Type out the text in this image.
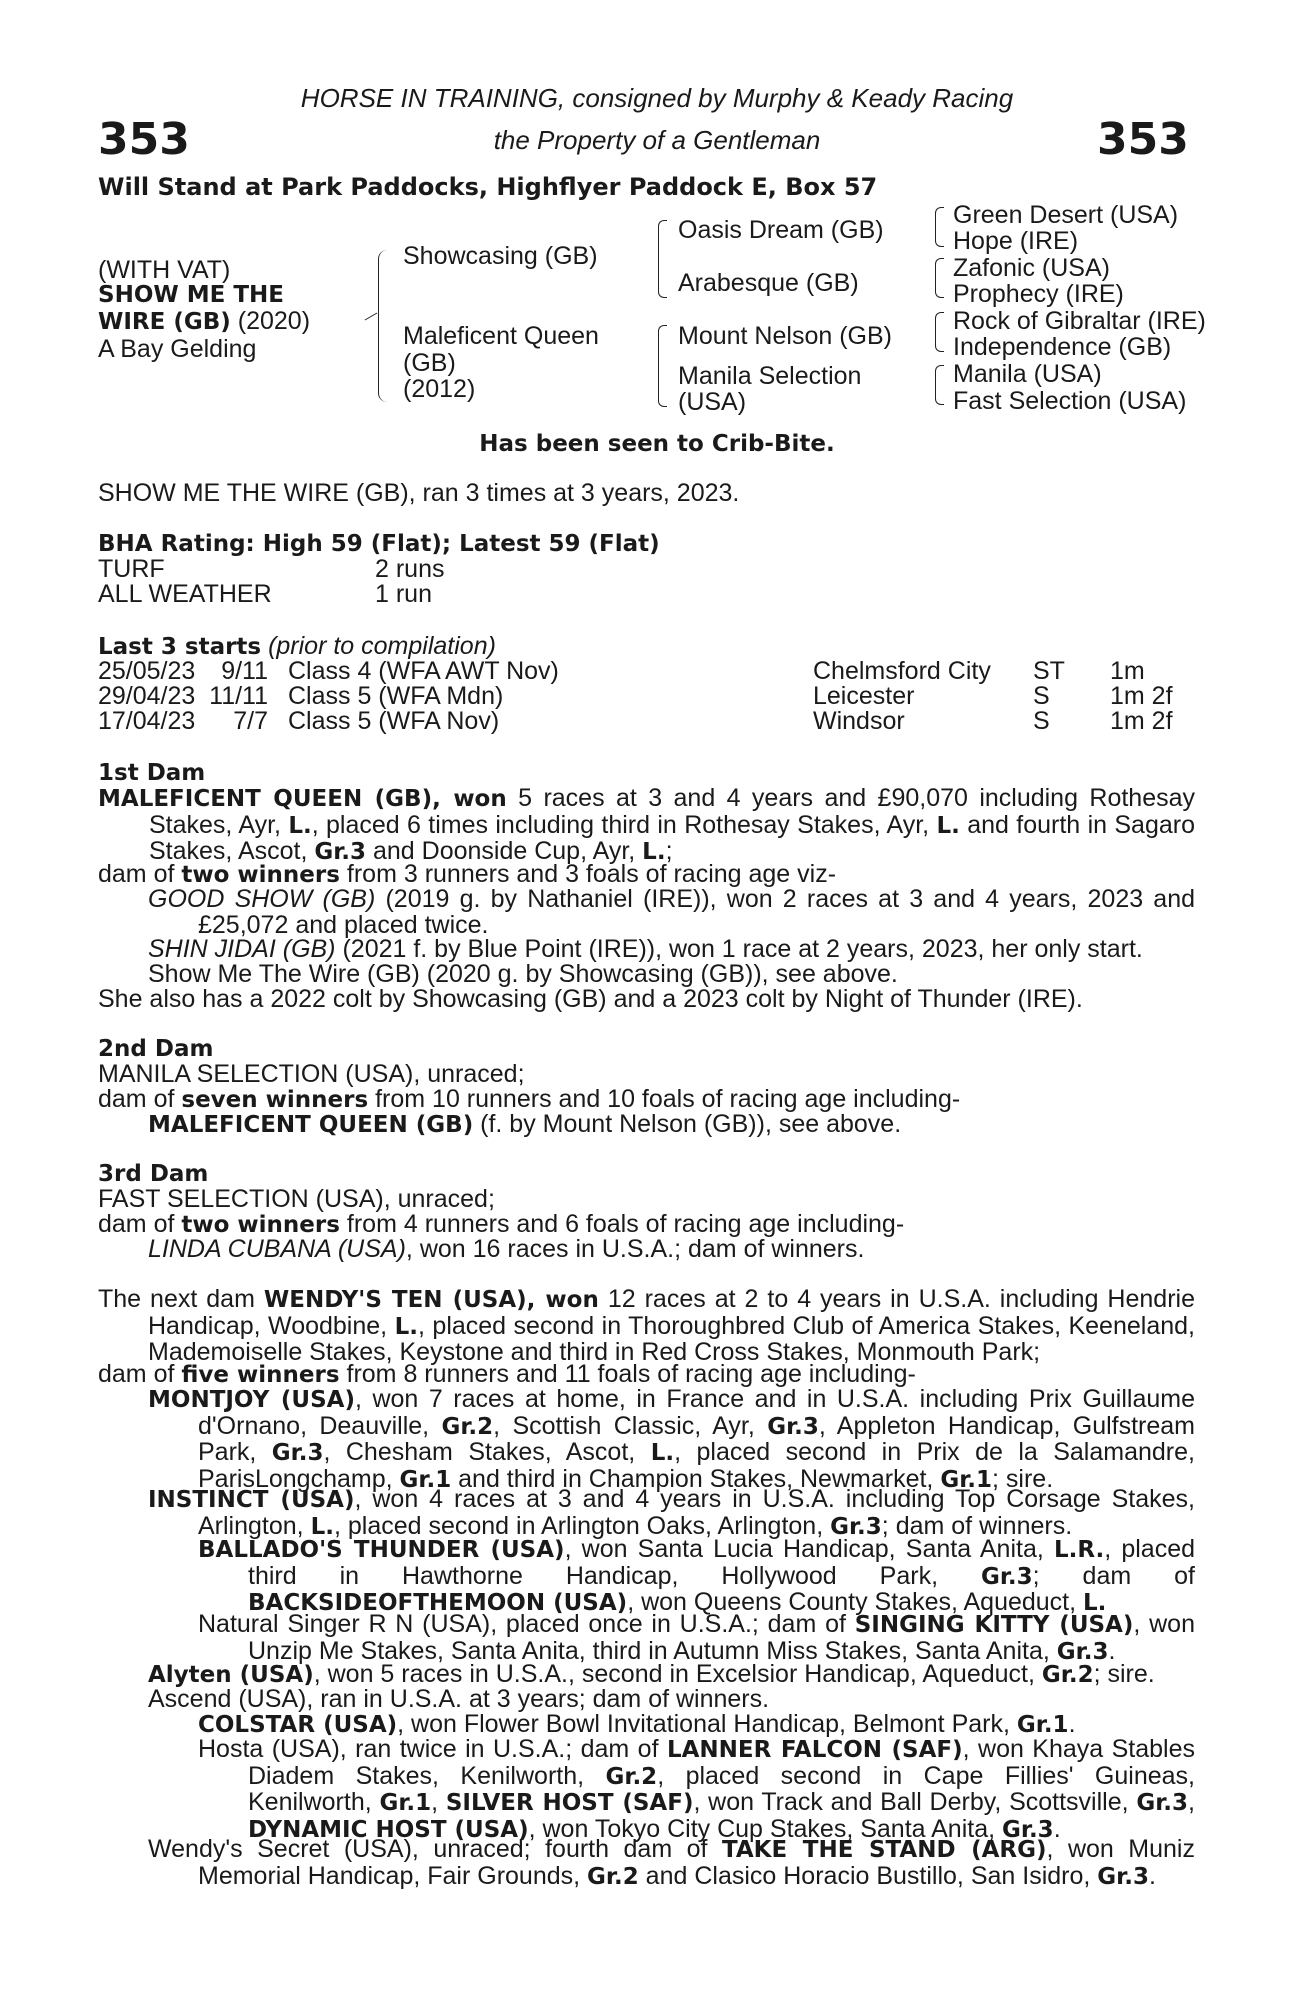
353	353
HORSE IN TRAINING, consigned by Murphy & Keady Racing
the Property of a Gentleman
Will Stand at Park Paddocks, Highflyer Paddock E, Box 57
(WITH VAT)
SHOW ME THE
WIRE (GB) (2020)
A Bay Gelding
Showcasing (GB)
Maleficent Queen
(GB)
(2012)
Oasis Dream (GB)
Arabesque (GB)
Mount Nelson (GB)
Manila Selection
(USA)
Green Desert (USA)
Hope (IRE)
Zafonic (USA)
Prophecy (IRE)
Rock of Gibraltar (IRE)
Independence (GB)
Manila (USA)
Fast Selection (USA)
Has been seen to Crib-Bite.
SHOW ME THE WIRE (GB), ran 3 times at 3 years, 2023.
BHA Rating: High 59 (Flat); Latest 59 (Flat)
TURF	2 runs
ALL WEATHER	1 run
Last 3 starts (prior to compilation)
25/05/23	9/11 Class 4 (WFA AWT Nov)	Chelmsford City ST 1m
29/04/23 11/11 Class 5 (WFA Mdn)	Leicester	S 1m 2f
17/04/23	7/7 Class 5 (WFA Nov)	Windsor	S 1m 2f
1st Dam
MALEFICENT QUEEN (GB), won 5 races at 3 and 4 years and £90,070 including Rothesay Stakes, Ayr, L., placed 6 times including third in Rothesay Stakes, Ayr, L. and fourth in Sagaro Stakes, Ascot, Gr.3 and Doonside Cup, Ayr, L.;
dam of two winners from 3 runners and 3 foals of racing age viz-
GOOD SHOW (GB) (2019 g. by Nathaniel (IRE)), won 2 races at 3 and 4 years, 2023 and £25,072 and placed twice.
SHIN JIDAI (GB) (2021 f. by Blue Point (IRE)), won 1 race at 2 years, 2023, her only start.
Show Me The Wire (GB) (2020 g. by Showcasing (GB)), see above.
She also has a 2022 colt by Showcasing (GB) and a 2023 colt by Night of Thunder (IRE).
2nd Dam
MANILA SELECTION (USA), unraced;
dam of seven winners from 10 runners and 10 foals of racing age including-
MALEFICENT QUEEN (GB) (f. by Mount Nelson (GB)), see above.
3rd Dam
FAST SELECTION (USA), unraced;
dam of two winners from 4 runners and 6 foals of racing age including-
LINDA CUBANA (USA), won 16 races in U.S.A.; dam of winners.
The next dam WENDY'S TEN (USA), won 12 races at 2 to 4 years in U.S.A. including Hendrie Handicap, Woodbine, L., placed second in Thoroughbred Club of America Stakes, Keeneland, Mademoiselle Stakes, Keystone and third in Red Cross Stakes, Monmouth Park;
dam of five winners from 8 runners and 11 foals of racing age including-
MONTJOY (USA), won 7 races at home, in France and in U.S.A. including Prix Guillaume d'Ornano, Deauville, Gr.2, Scottish Classic, Ayr, Gr.3, Appleton Handicap, Gulfstream Park, Gr.3, Chesham Stakes, Ascot, L., placed second in Prix de la Salamandre, ParisLongchamp, Gr.1 and third in Champion Stakes, Newmarket, Gr.1; sire.
INSTINCT (USA), won 4 races at 3 and 4 years in U.S.A. including Top Corsage Stakes, Arlington, L., placed second in Arlington Oaks, Arlington, Gr.3; dam of winners.
BALLADO'S THUNDER (USA), won Santa Lucia Handicap, Santa Anita, L.R., placed third in Hawthorne Handicap, Hollywood Park, Gr.3; dam of BACKSIDEOFTHEMOON (USA), won Queens County Stakes, Aqueduct, L.
Natural Singer R N (USA), placed once in U.S.A.; dam of SINGING KITTY (USA), won Unzip Me Stakes, Santa Anita, third in Autumn Miss Stakes, Santa Anita, Gr.3.
Alyten (USA), won 5 races in U.S.A., second in Excelsior Handicap, Aqueduct, Gr.2; sire.
Ascend (USA), ran in U.S.A. at 3 years; dam of winners.
COLSTAR (USA), won Flower Bowl Invitational Handicap, Belmont Park, Gr.1.
Hosta (USA), ran twice in U.S.A.; dam of LANNER FALCON (SAF), won Khaya Stables Diadem Stakes, Kenilworth, Gr.2, placed second in Cape Fillies' Guineas, Kenilworth, Gr.1, SILVER HOST (SAF), won Track and Ball Derby, Scottsville, Gr.3, DYNAMIC HOST (USA), won Tokyo City Cup Stakes, Santa Anita, Gr.3.
Wendy's Secret (USA), unraced; fourth dam of TAKE THE STAND (ARG), won Muniz Memorial Handicap, Fair Grounds, Gr.2 and Clasico Horacio Bustillo, San Isidro, Gr.3.
